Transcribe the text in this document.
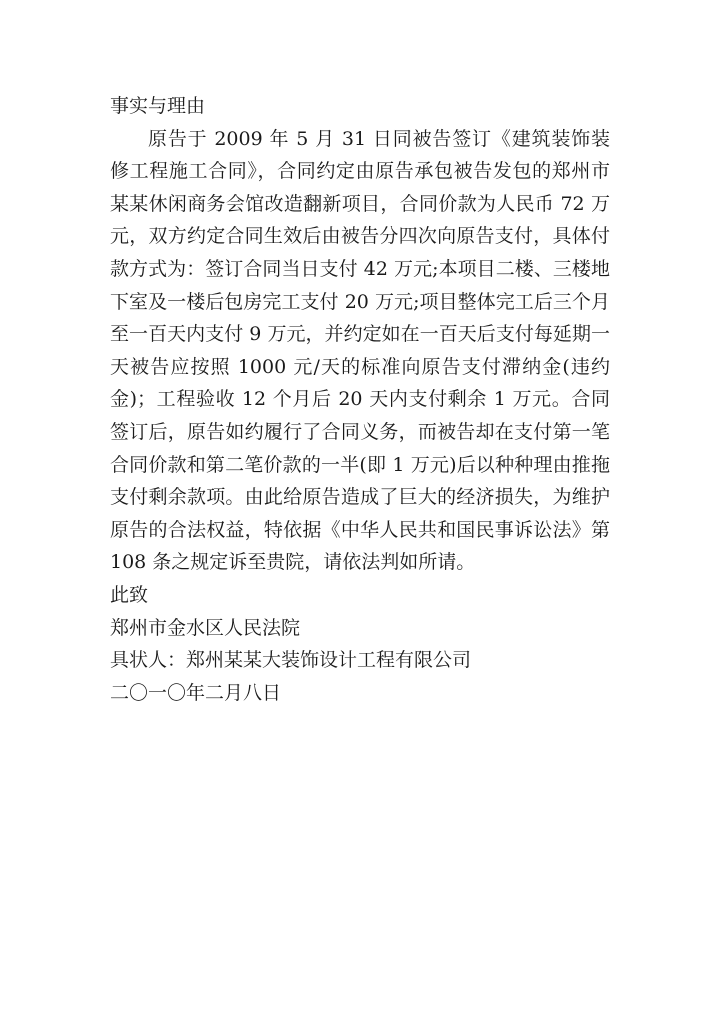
事实与理由

原告于 2009 年 5 月 31 日同被告签订《建筑装饰装修工程施工合同》，合同约定由原告承包被告发包的郑州市某某休闲商务会馆改造翻新项目，合同价款为人民币 72 万元，双方约定合同生效后由被告分四次向原告支付，具体付款方式为：签订合同当日支付 42 万元;本项目二楼、三楼地下室及一楼后包房完工支付 20 万元;项目整体完工后三个月至一百天内支付 9 万元，并约定如在一百天后支付每延期一天被告应按照 1000 元/天的标准向原告支付滞纳金(违约金)；工程验收 12 个月后 20 天内支付剩余 1 万元。合同签订后，原告如约履行了合同义务，而被告却在支付第一笔合同价款和第二笔价款的一半(即 1 万元)后以种种理由推拖支付剩余款项。由此给原告造成了巨大的经济损失，为维护原告的合法权益，特依据《中华人民共和国民事诉讼法》第 108 条之规定诉至贵院，请依法判如所请。

此致

郑州市金水区人民法院

具状人：郑州某某大装饰设计工程有限公司

二〇一〇年二月八日
